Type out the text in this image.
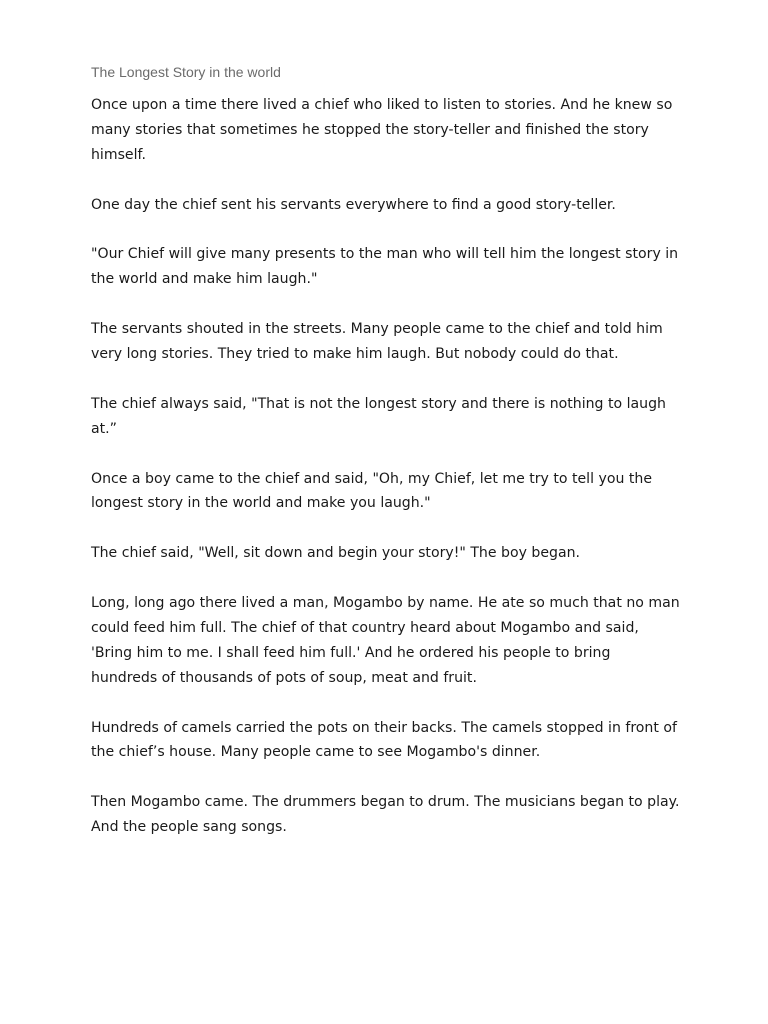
The Longest Story in the world

Once upon a time there lived a chief who liked to listen to stories. And he knew so many stories that sometimes he stopped the story-teller and finished the story himself.

One day the chief sent his servants everywhere to find a good story-teller.

"Our Chief will give many presents to the man who will tell him the longest story in the world and make him laugh."

The servants shouted in the streets. Many people came to the chief and told him very long stories. They tried to make him laugh. But nobody could do that.

The chief always said, "That is not the longest story and there is nothing to laugh at.”

Once a boy came to the chief and said, "Oh, my Chief, let me try to tell you the longest story in the world and make you laugh."

The chief said, "Well, sit down and begin your story!" The boy began.

Long, long ago there lived a man, Mogambo by name. He ate so much that no man could feed him full. The chief of that country heard about Mogambo and said, 'Bring him to me. I shall feed him full.' And he ordered his people to bring hundreds of thousands of pots of soup, meat and fruit.

Hundreds of camels carried the pots on their backs. The camels stopped in front of the chief’s house. Many people came to see Mogambo's dinner.

Then Mogambo came. The drummers began to drum. The musicians began to play. And the people sang songs.
